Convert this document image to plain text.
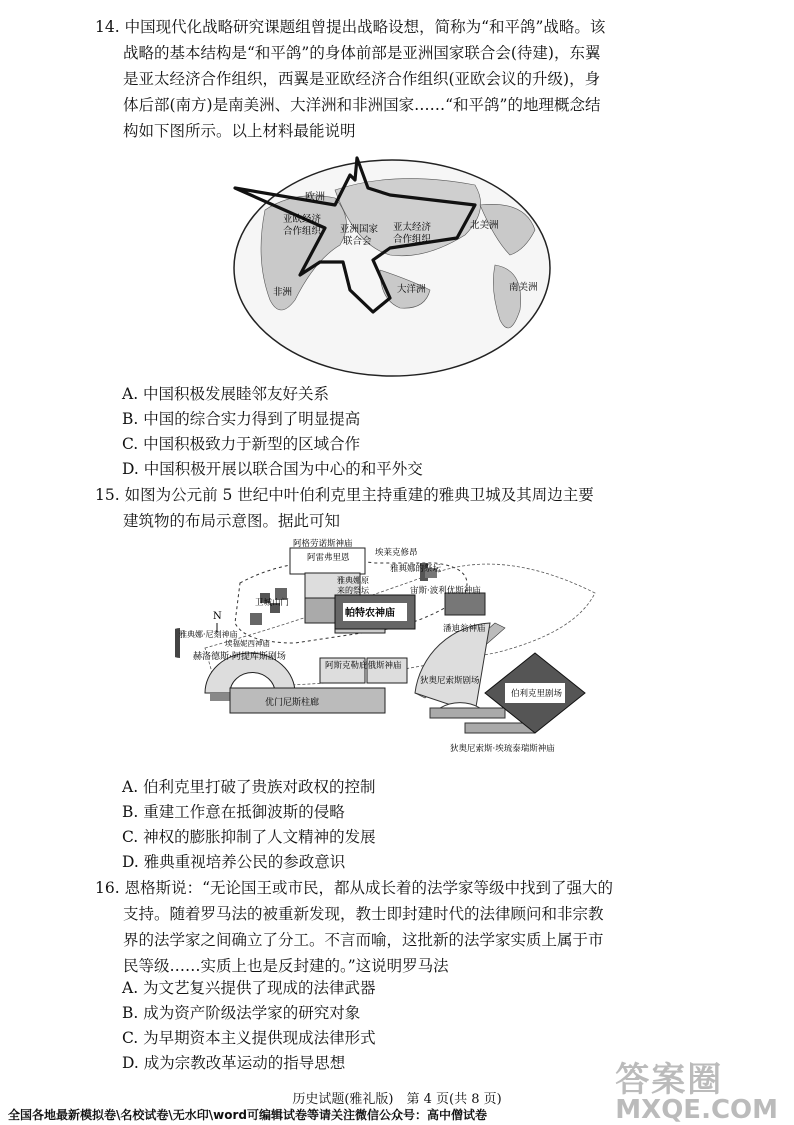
14. 中国现代化战略研究课题组曾提出战略设想，简称为“和平鸽”战略。该

战略的基本结构是“和平鸽”的身体前部是亚洲国家联合会(待建)，东翼

是亚太经济合作组织，西翼是亚欧经济合作组织(亚欧会议的升级)，身

体后部(南方)是南美洲、大洋洲和非洲国家……“和平鸽”的地理概念结

构如下图所示。以上材料最能说明

欧洲
亚欧经济
合作组织 亚洲国家
联合会
亚太经济
合作组织
北美洲
非洲	大洋洲	南美洲
A. 中国积极发展睦邻友好关系
B. 中国的综合实力得到了明显提高
C. 中国积极致力于新型的区域合作
D. 中国积极开展以联合国为中心的和平外交

15. 如图为公元前 5 世纪中叶伯利克里主持重建的雅典卫城及其周边主要

建筑物的布局示意图。据此可知

N
阿格劳诺斯神庙
阿雷弗里恩	埃莱克修昂
雅典娜原
来的祭坛
雅典娜的祭坛
宙斯·波利优斯神庙
卫城山门
帕特农神庙
潘迪翁神庙
雅典娜·尼刻神庙
埃福妮西神庙
阿斯克勒庇俄斯神庙
赫洛德斯·阿提库斯剧场
优门尼斯柱廊
狄奥尼索斯剧场
伯利克里剧场
狄奥尼索斯·埃琉泰瑞斯神庙
A. 伯利克里打破了贵族对政权的控制
B. 重建工作意在抵御波斯的侵略
C. 神权的膨胀抑制了人文精神的发展
D. 雅典重视培养公民的参政意识

16. 恩格斯说：“无论国王或市民，都从成长着的法学家等级中找到了强大的

支持。随着罗马法的被重新发现，教士即封建时代的法律顾问和非宗教

界的法学家之间确立了分工。不言而喻，这批新的法学家实质上属于市

民等级……实质上也是反封建的。”这说明罗马法

A. 为文艺复兴提供了现成的法律武器
B. 成为资产阶级法学家的研究对象
C. 为早期资本主义提供现成法律形式
D. 成为宗教改革运动的指导思想	答案圈
MXQE.COM
历史试题(雅礼版)　第 4 页(共 8 页)
全国各地最新模拟卷\名校试卷\无水印\word可编辑试卷等请关注微信公众号：高中僧试卷
